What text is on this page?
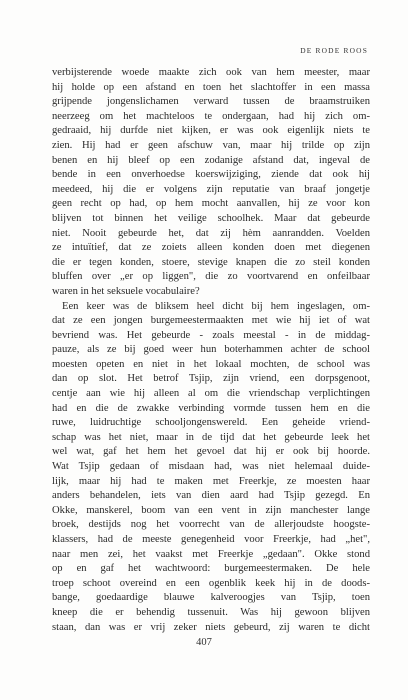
DE RODE ROOS
verbijsterende woede maakte zich ook van hem meester, maar
hij holde op een afstand en toen het slachtoffer in een massa
grijpende jongenslichamen verward tussen de braamstruiken
neerzeeg om het machteloos te ondergaan, had hij zich om-
gedraaid, hij durfde niet kijken, er was ook eigenlijk niets te
zien. Hij had er geen afschuw van, maar hij trilde op zijn
benen en hij bleef op een zodanige afstand dat, ingeval de
bende in een onverhoedse koerswijziging, ziende dat ook hij
meedeed, hij die er volgens zijn reputatie van braaf jongetje
geen recht op had, op hem mocht aanvallen, hij ze voor kon
blijven tot binnen het veilige schoolhek. Maar dat gebeurde
niet. Nooit gebeurde het, dat zij hèm aanrandden. Voelden
ze intuïtief, dat ze zoiets alleen konden doen met diegenen
die er tegen konden, stoere, stevige knapen die zo steil konden
bluffen over „er op liggen", die zo voortvarend en onfeilbaar
waren in het seksuele vocabulaire?
Een keer was de bliksem heel dicht bij hem ingeslagen, om-
dat ze een jongen burgemeestermaakten met wie hij iet of wat
bevriend was. Het gebeurde - zoals meestal - in de middag-
pauze, als ze bij goed weer hun boterhammen achter de school
moesten opeten en niet in het lokaal mochten, de school was
dan op slot. Het betrof Tsjip, zijn vriend, een dorpsgenoot,
centje aan wie hij alleen al om die vriendschap verplichtingen
had en die de zwakke verbinding vormde tussen hem en die
ruwe, luidruchtige schooljongenswereld. Een geheide vriend-
schap was het niet, maar in de tijd dat het gebeurde leek het
wel wat, gaf het hem het gevoel dat hij er ook bij hoorde.
Wat Tsjip gedaan of misdaan had, was niet helemaal duide-
lijk, maar hij had te maken met Freerkje, ze moesten haar
anders behandelen, iets van dien aard had Tsjip gezegd. En
Okke, manskerel, boom van een vent in zijn manchester lange
broek, destijds nog het voorrecht van de allerjoudste hoogste-
klassers, had de meeste genegenheid voor Freerkje, had „het",
naar men zei, het vaakst met Freerkje „gedaan". Okke stond
op en gaf het wachtwoord: burgemeestermaken. De hele
troep schoot overeind en een ogenblik keek hij in de doods-
bange, goedaardige blauwe kalveroogjes van Tsjip, toen
kneep die er behendig tussenuit. Was hij gewoon blijven
staan, dan was er vrij zeker niets gebeurd, zij waren te dicht
407
